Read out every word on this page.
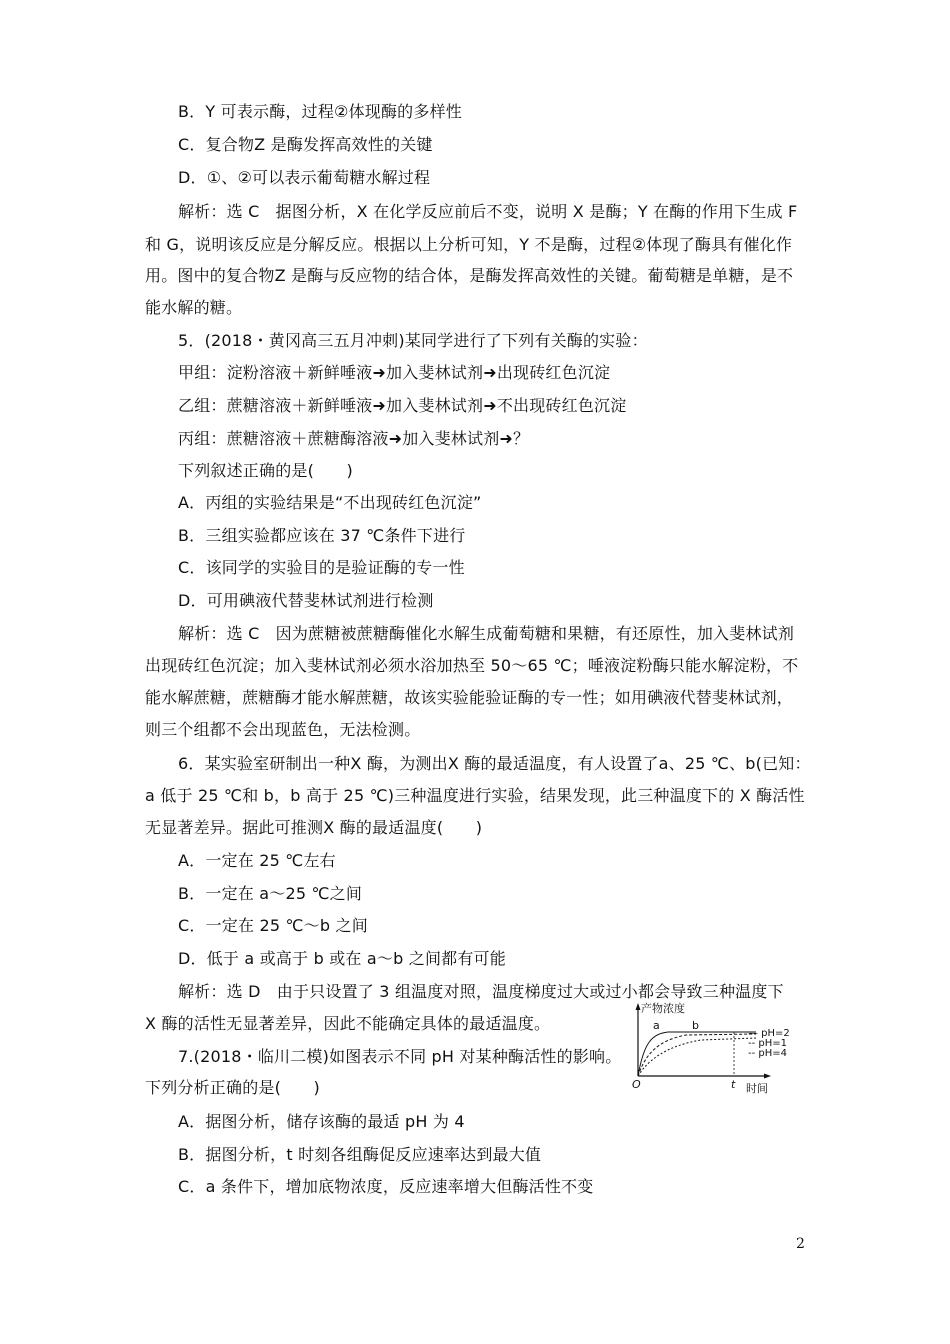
B．Y 可表示酶，过程②体现酶的多样性
C．复合物Z 是酶发挥高效性的关键
D．①、②可以表示葡萄糖水解过程
解析：选 C　据图分析，X 在化学反应前后不变，说明 X 是酶；Y 在酶的作用下生成 F
和 G，说明该反应是分解反应。根据以上分析可知，Y 不是酶，过程②体现了酶具有催化作
用。图中的复合物Z 是酶与反应物的结合体，是酶发挥高效性的关键。葡萄糖是单糖，是不
能水解的糖。
5．(2018・黄冈高三五月冲刺)某同学进行了下列有关酶的实验：
甲组：淀粉溶液＋新鲜唾液➜加入斐林试剂➜出现砖红色沉淀
乙组：蔗糖溶液＋新鲜唾液➜加入斐林试剂➜不出现砖红色沉淀
丙组：蔗糖溶液＋蔗糖酶溶液➜加入斐林试剂➜？
下列叙述正确的是(　　)
A．丙组的实验结果是“不出现砖红色沉淀”
B．三组实验都应该在 37 ℃条件下进行
C．该同学的实验目的是验证酶的专一性
D．可用碘液代替斐林试剂进行检测
解析：选 C　因为蔗糖被蔗糖酶催化水解生成葡萄糖和果糖，有还原性，加入斐林试剂
出现砖红色沉淀；加入斐林试剂必须水浴加热至 50～65 ℃；唾液淀粉酶只能水解淀粉，不
能水解蔗糖，蔗糖酶才能水解蔗糖，故该实验能验证酶的专一性；如用碘液代替斐林试剂，
则三个组都不会出现蓝色，无法检测。
6．某实验室研制出一种X 酶，为测出X 酶的最适温度，有人设置了a、25 ℃、b(已知：
a 低于 25 ℃和 b，b 高于 25 ℃)三种温度进行实验，结果发现，此三种温度下的 X 酶活性
无显著差异。据此可推测X 酶的最适温度(　　)
A．一定在 25 ℃左右
B．一定在 a～25 ℃之间
C．一定在 25 ℃～b 之间
D．低于 a 或高于 b 或在 a～b 之间都有可能
解析：选 D　由于只设置了 3 组温度对照，温度梯度过大或过小都会导致三种温度下
X 酶的活性无显著差异，因此不能确定具体的最适温度。
7.(2018・临川二模)如图表示不同 pH 对某种酶活性的影响。
下列分析正确的是(　　)
A．据图分析，储存该酶的最适 pH 为 4
B．据图分析，t 时刻各组酶促反应速率达到最大值
C．a 条件下，增加底物浓度，反应速率增大但酶活性不变
产物浓度
a	b
— pH=2
-- pH=1
-- pH=4
O	t 时间
2
